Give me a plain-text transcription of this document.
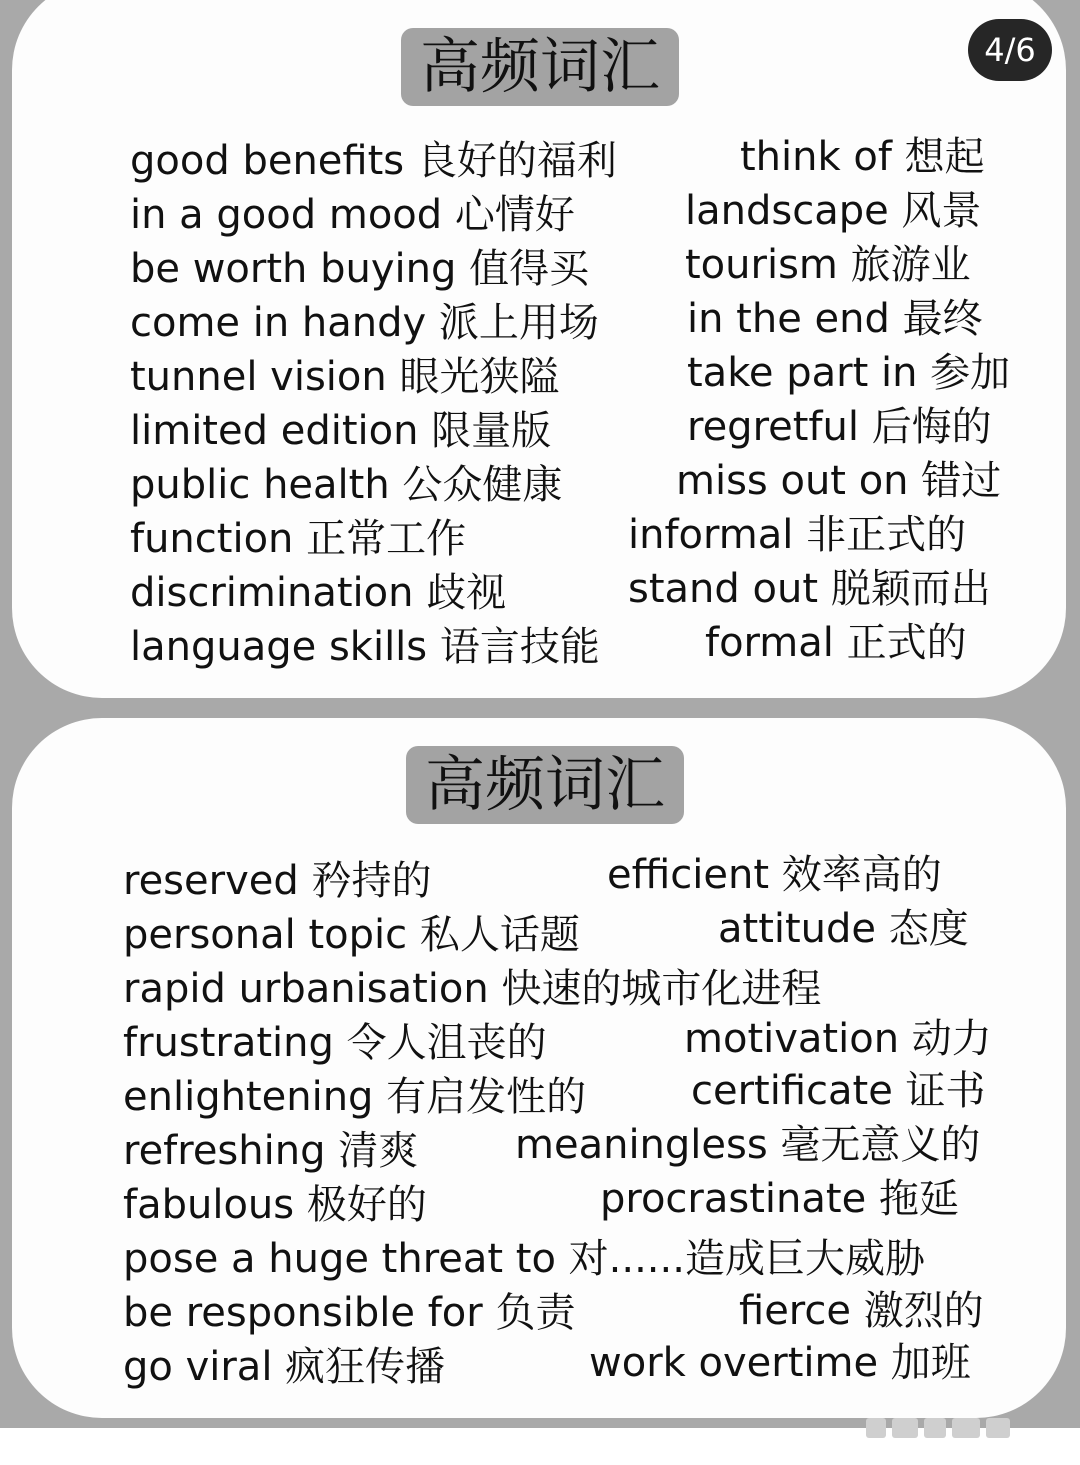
高频词汇
good benefits 良好的福利
in a good mood 心情好
be worth buying 值得买
come in handy 派上用场
tunnel vision 眼光狭隘
limited edition 限量版
public health 公众健康
function 正常工作
discrimination 歧视
language skills 语言技能
think of 想起
landscape 风景
tourism 旅游业
in the end 最终
take part in 参加
regretful 后悔的
miss out on 错过
informal 非正式的
stand out 脱颖而出
formal 正式的
高频词汇
reserved 矜持的
personal topic 私人话题
rapid urbanisation 快速的城市化进程
frustrating 令人沮丧的
enlightening 有启发性的
refreshing 清爽
fabulous 极好的
pose a huge threat to 对......造成巨大威胁
be responsible for 负责
go viral 疯狂传播
efficient 效率高的
attitude 态度
motivation 动力
certificate 证书
meaningless 毫无意义的
procrastinate 拖延
fierce 激烈的
work overtime 加班
4/6
